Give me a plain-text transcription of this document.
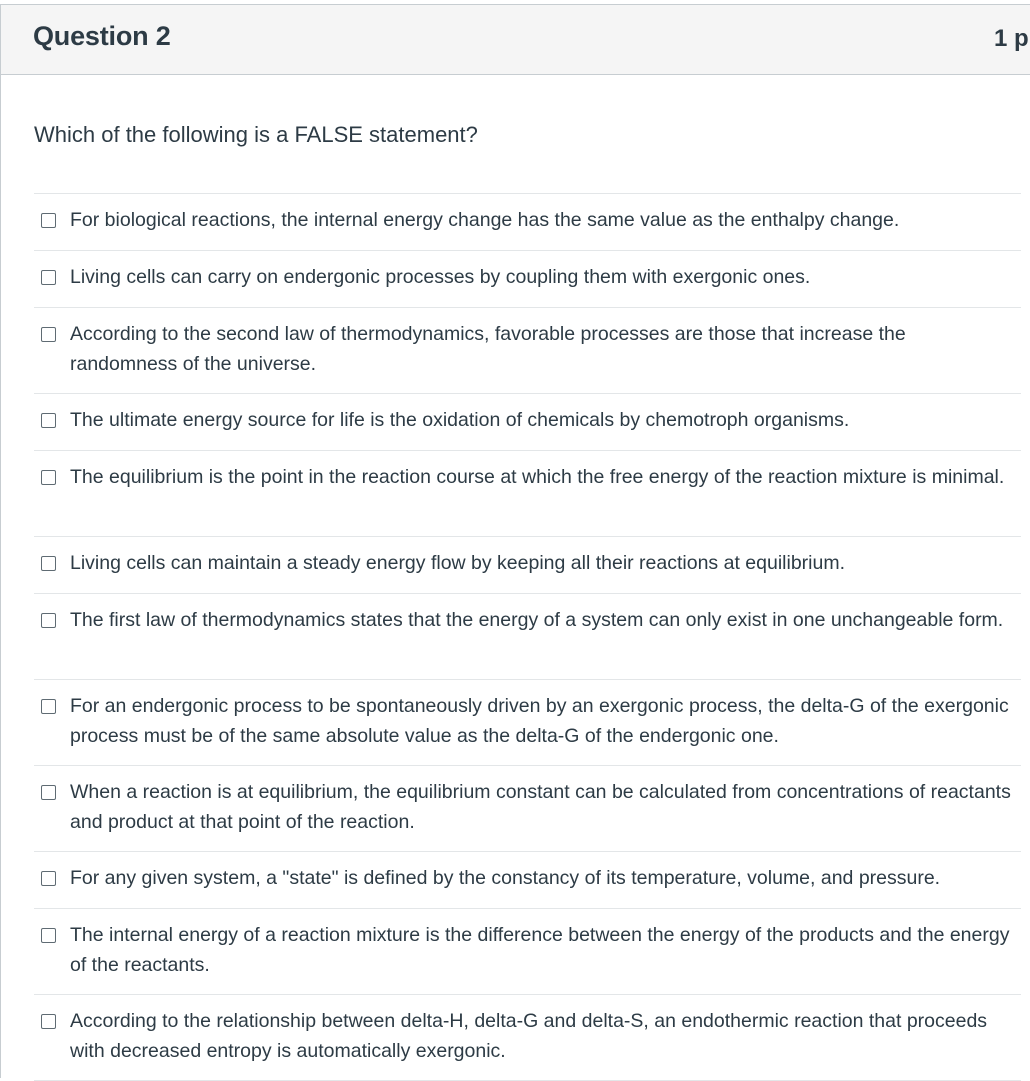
Question 2	1 p
Which of the following is a FALSE statement?
For biological reactions, the internal energy change has the same value as the enthalpy change.
Living cells can carry on endergonic processes by coupling them with exergonic ones.
According to the second law of thermodynamics, favorable processes are those that increase the randomness of the universe.
The ultimate energy source for life is the oxidation of chemicals by chemotroph organisms.
The equilibrium is the point in the reaction course at which the free energy of the reaction mixture is minimal.
Living cells can maintain a steady energy flow by keeping all their reactions at equilibrium.
The first law of thermodynamics states that the energy of a system can only exist in one unchangeable form.
For an endergonic process to be spontaneously driven by an exergonic process, the delta-G of the exergonic process must be of the same absolute value as the delta-G of the endergonic one.
When a reaction is at equilibrium, the equilibrium constant can be calculated from concentrations of reactants and product at that point of the reaction.
For any given system, a "state" is defined by the constancy of its temperature, volume, and pressure.
The internal energy of a reaction mixture is the difference between the energy of the products and the energy of the reactants.
According to the relationship between delta-H, delta-G and delta-S, an endothermic reaction that proceeds with decreased entropy is automatically exergonic.
